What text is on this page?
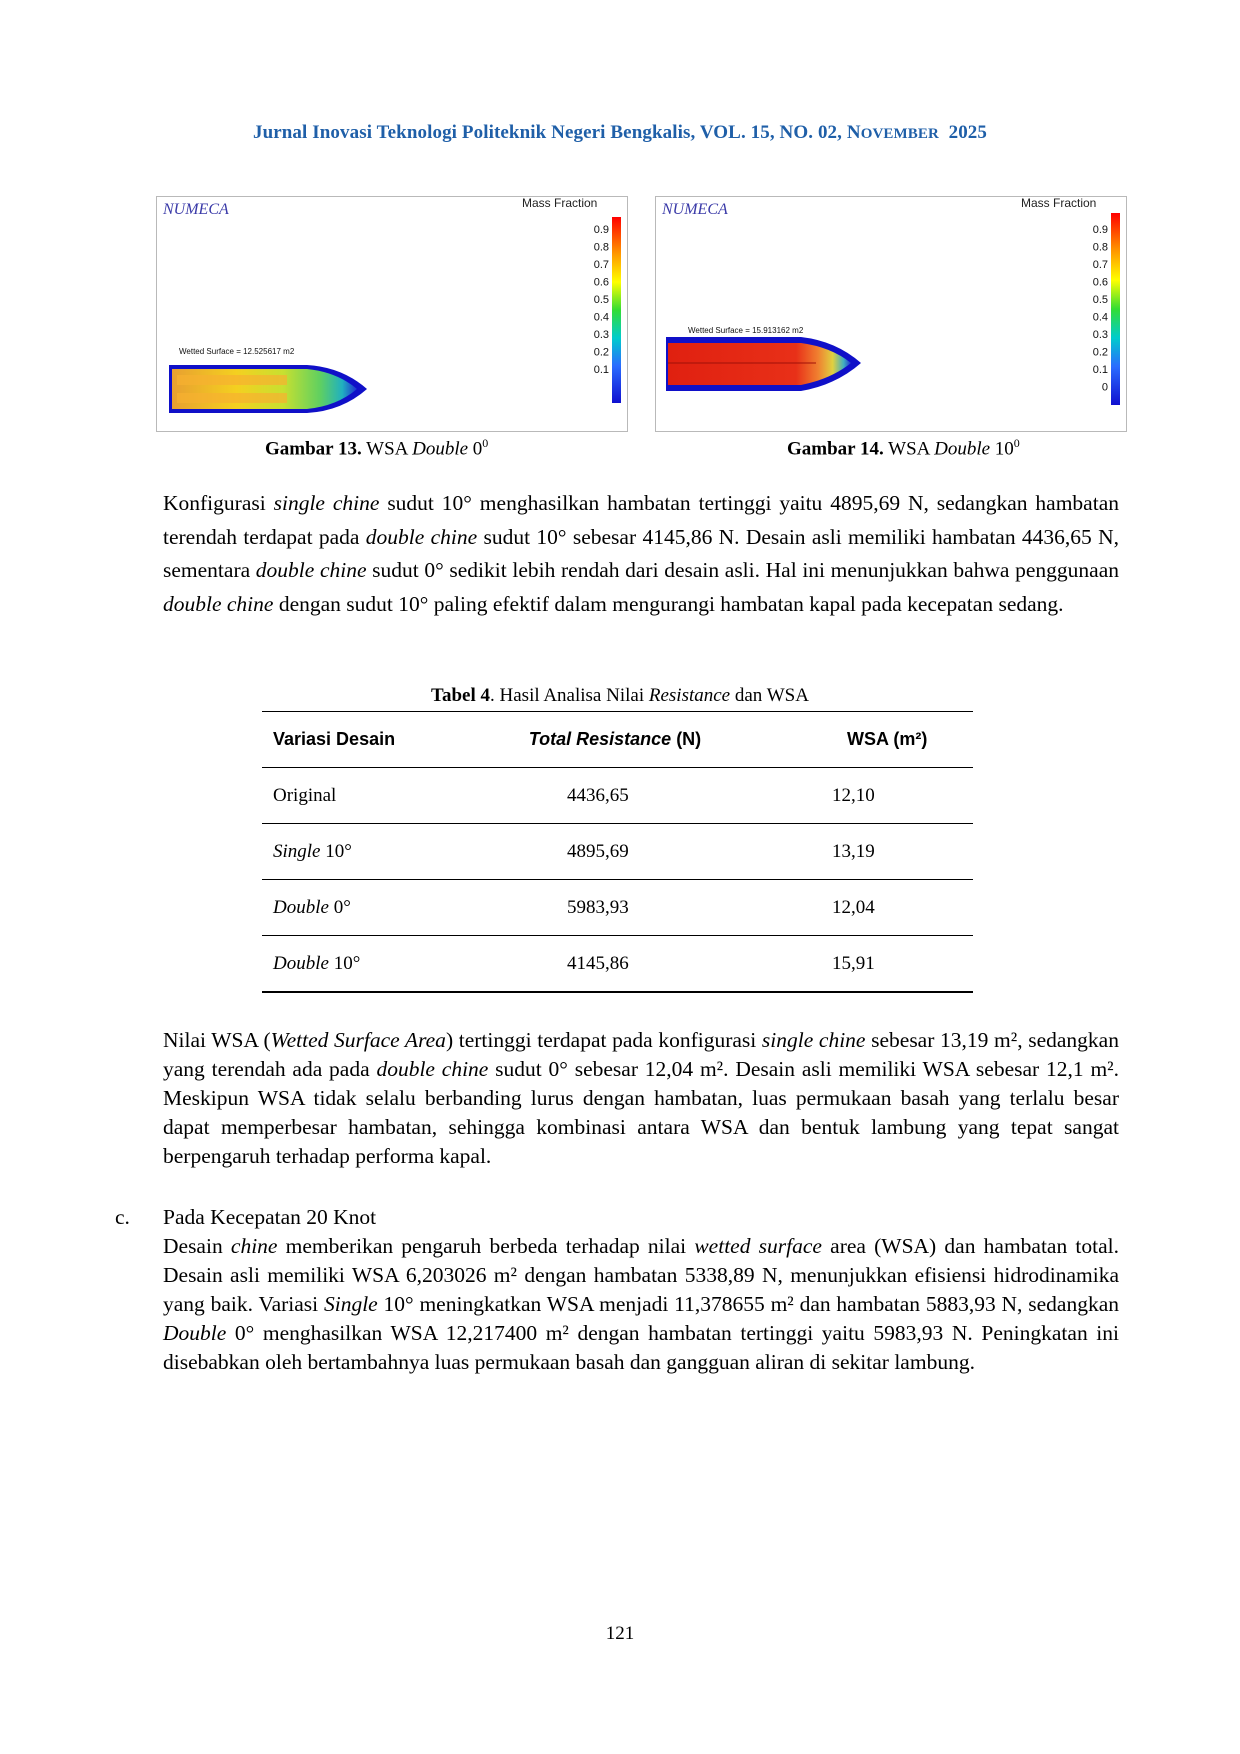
Jurnal Inovasi Teknologi Politeknik Negeri Bengkalis, VOL. 15, NO. 02, NOVEMBER  2025
NUMECA	Mass Fraction
0.9
0.8
0.7
0.6
0.5
0.4
0.3
0.2
0.1
Wetted Surface = 12.525617 m2
NUMECA	Mass Fraction
0.9
0.8
0.7
0.6
0.5
0.4
0.3
0.2
0.1
0
Wetted Surface = 15.913162 m2
Gambar 13. WSA Double $0^0$	Gambar 14. WSA Double $10^0$

Konfigurasi single chine sudut 10° menghasilkan hambatan tertinggi yaitu 4895,69 N, sedangkan hambatan terendah terdapat pada double chine sudut 10° sebesar 4145,86 N. Desain asli memiliki hambatan 4436,65 N, sementara double chine sudut 0° sedikit lebih rendah dari desain asli. Hal ini menunjukkan bahwa penggunaan double chine dengan sudut 10° paling efektif dalam mengurangi hambatan kapal pada kecepatan sedang.

Tabel 4. Hasil Analisa Nilai Resistance dan WSA
Variasi Desain	Total Resistance (N)	WSA (m²)
Original	4436,65	12,10
Single 10°	4895,69	13,19
Double 0°	5983,93	12,04
Double 10°	4145,86	15,91

Nilai WSA (Wetted Surface Area) tertinggi terdapat pada konfigurasi single chine sebesar 13,19 m², sedangkan yang terendah ada pada double chine sudut 0° sebesar 12,04 m². Desain asli memiliki WSA sebesar 12,1 m². Meskipun WSA tidak selalu berbanding lurus dengan hambatan, luas permukaan basah yang terlalu besar dapat memperbesar hambatan, sehingga kombinasi antara WSA dan bentuk lambung yang tepat sangat berpengaruh terhadap performa kapal.

c. Pada Kecepatan 20 Knot

Desain chine memberikan pengaruh berbeda terhadap nilai wetted surface area (WSA) dan hambatan total. Desain asli memiliki WSA 6,203026 m² dengan hambatan 5338,89 N, menunjukkan efisiensi hidrodinamika yang baik. Variasi Single 10° meningkatkan WSA menjadi 11,378655 m² dan hambatan 5883,93 N, sedangkan Double 0° menghasilkan WSA 12,217400 m² dengan hambatan tertinggi yaitu 5983,93 N. Peningkatan ini disebabkan oleh bertambahnya luas permukaan basah dan gangguan aliran di sekitar lambung.

121
